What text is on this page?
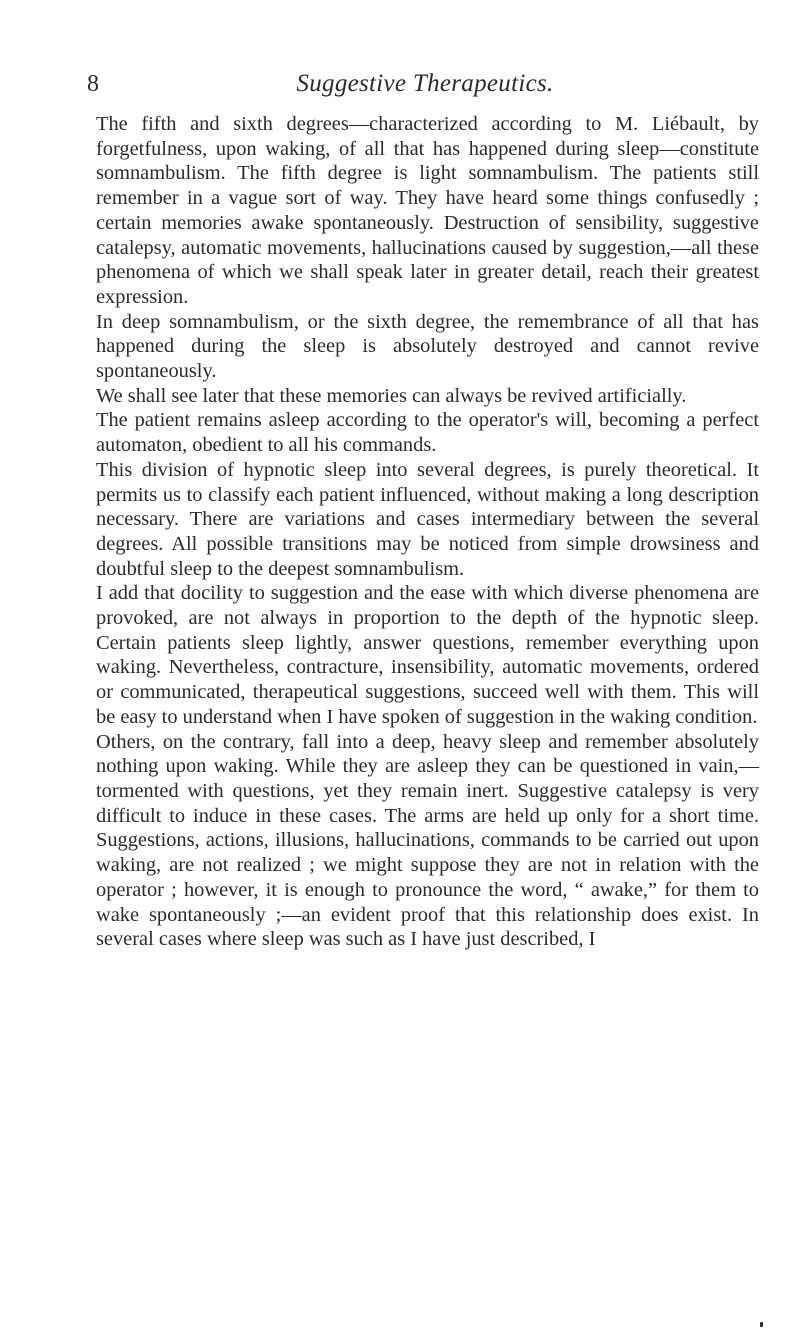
8	Suggestive Therapeutics.

The fifth and sixth degrees—characterized according to M. Liébault, by forgetfulness, upon waking, of all that has happened during sleep—constitute somnambulism. The fifth degree is light somnambulism. The patients still remember in a vague sort of way. They have heard some things confusedly ; certain memories awake spontaneously. Destruction of sensibility, suggestive catalepsy, automatic movements, hallucinations caused by suggestion,—all these phenomena of which we shall speak later in greater detail, reach their greatest expression.

In deep somnambulism, or the sixth degree, the remembrance of all that has happened during the sleep is absolutely destroyed and cannot revive spontaneously.

We shall see later that these memories can always be revived artificially.

The patient remains asleep according to the operator's will, becoming a perfect automaton, obedient to all his commands.

This division of hypnotic sleep into several degrees, is purely theoretical. It permits us to classify each patient influenced, without making a long description necessary. There are variations and cases intermediary between the several degrees. All possible transitions may be noticed from simple drowsiness and doubtful sleep to the deepest somnambulism.

I add that docility to suggestion and the ease with which diverse phenomena are provoked, are not always in proportion to the depth of the hypnotic sleep. Certain patients sleep lightly, answer questions, remember everything upon waking. Nevertheless, contracture, insensibility, automatic movements, ordered or communicated, therapeutical suggestions, succeed well with them. This will be easy to understand when I have spoken of suggestion in the waking condition.

Others, on the contrary, fall into a deep, heavy sleep and remember absolutely nothing upon waking. While they are asleep they can be questioned in vain,—tormented with questions, yet they remain inert. Suggestive catalepsy is very difficult to induce in these cases. The arms are held up only for a short time. Suggestions, actions, illusions, hallucinations, commands to be carried out upon waking, are not realized ; we might suppose they are not in relation with the operator ; however, it is enough to pronounce the word, “ awake,” for them to wake spontaneously ;—an evident proof that this relationship does exist. In several cases where sleep was such as I have just described, I
